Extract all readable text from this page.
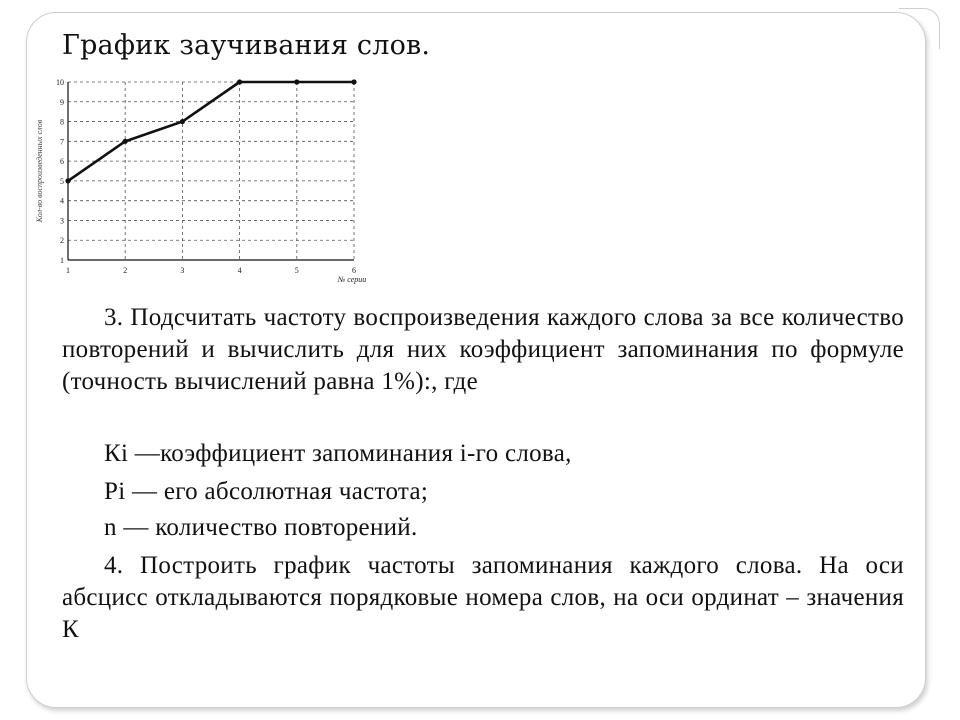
График заучивания слов.
1
2
3
4
5
6
7
8
9
10
1	2	3	4	5	6
№ серии
Кол-во воспроизведенных слов
3. Подсчитать частоту воспроизведения каждого слова за все количество повторений и вычислить для них коэффициент запоминания по формуле (точность вычислений равна 1%):, где
Кi —коэффициент запоминания i-го слова,
Pi — его абсолютная частота;
n — количество повторений.
4. Построить график частоты запоминания каждого слова. На оси абсцисс откладываются порядковые номера слов, на оси ординат – значения К
